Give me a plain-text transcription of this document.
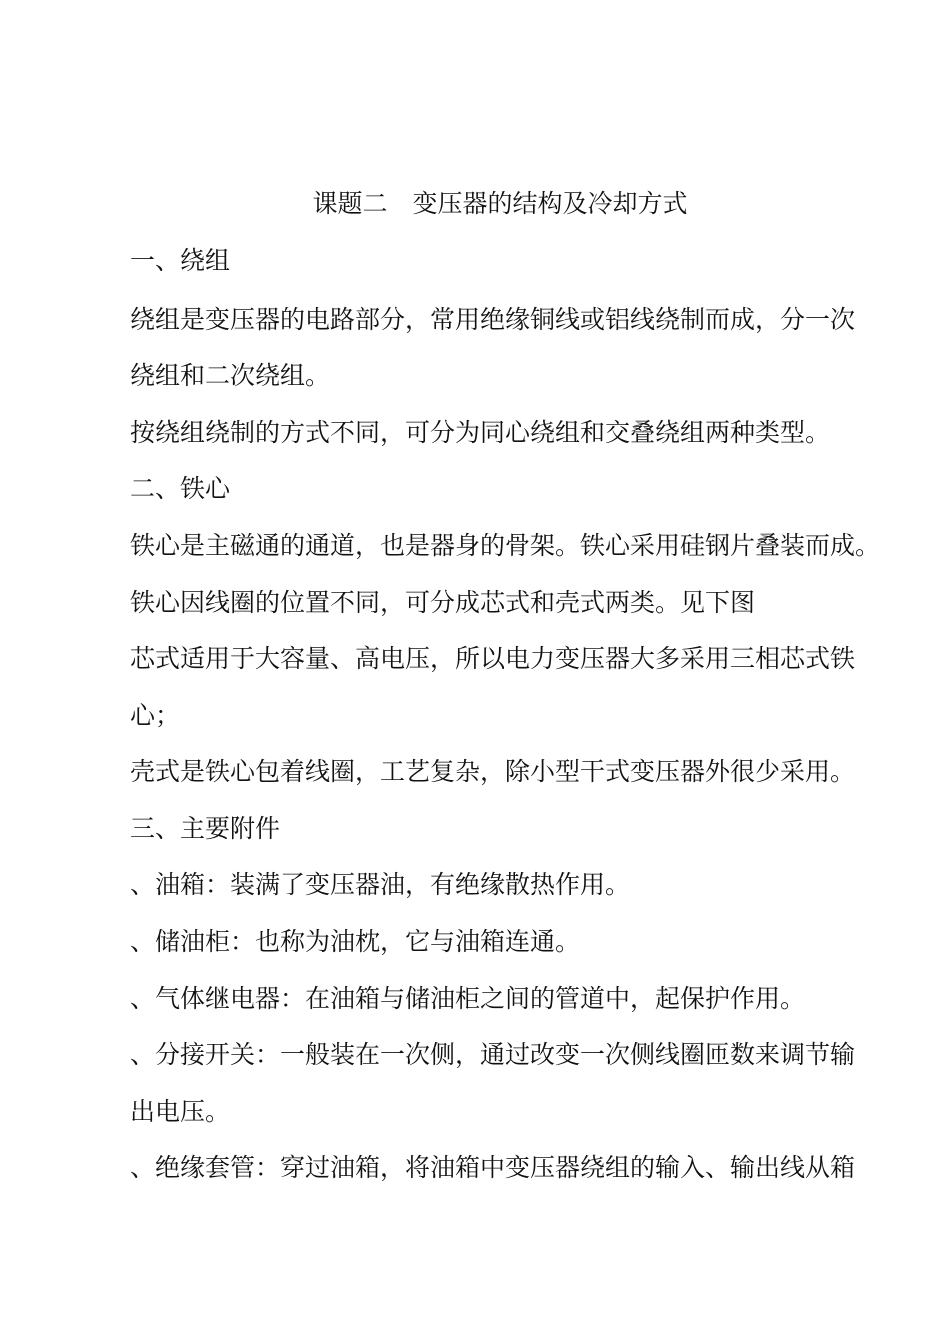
课题二　变压器的结构及冷却方式

一、绕组

绕组是变压器的电路部分，常用绝缘铜线或铝线绕制而成，分一次

绕组和二次绕组。

按绕组绕制的方式不同，可分为同心绕组和交叠绕组两种类型。

二、铁心

铁心是主磁通的通道，也是器身的骨架。铁心采用硅钢片叠装而成。

铁心因线圈的位置不同，可分成芯式和壳式两类。见下图

芯式适用于大容量、高电压，所以电力变压器大多采用三相芯式铁

心；

壳式是铁心包着线圈，工艺复杂，除小型干式变压器外很少采用。

三、主要附件

、油箱：装满了变压器油，有绝缘散热作用。

、储油柜：也称为油枕，它与油箱连通。

、气体继电器：在油箱与储油柜之间的管道中，起保护作用。

、分接开关：一般装在一次侧，通过改变一次侧线圈匝数来调节输

出电压。

、绝缘套管：穿过油箱，将油箱中变压器绕组的输入、输出线从箱
